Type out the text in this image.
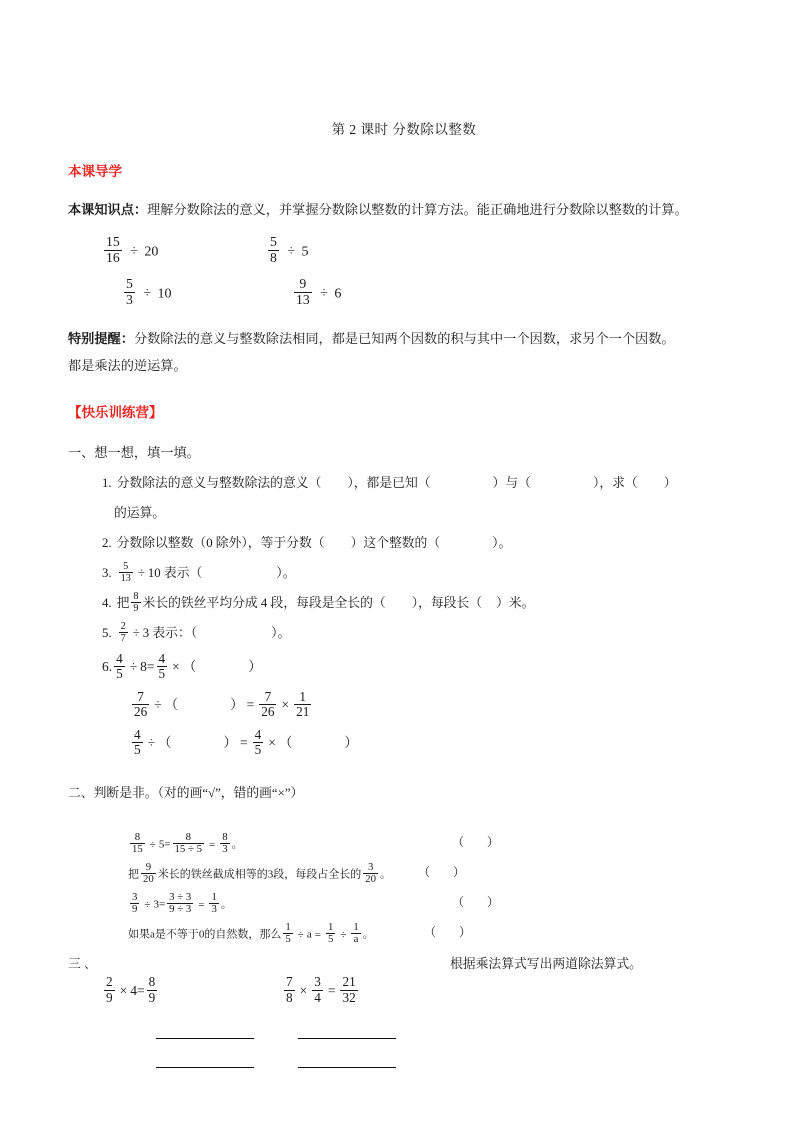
第 2 课时 分数除以整数
本课导学

本课知识点：理解分数除法的意义，并掌握分数除以整数的计算方法。能正确地进行分数除以整数的计算。

$\frac{15}{16} \div 20$	$\frac{5}{8} \div 5$
$\frac{5}{3} \div 10$	$\frac{9}{13} \div 6$

特别提醒：分数除法的意义与整数除法相同，都是已知两个因数的积与其中一个因数，求另个一个因数。

都是乘法的逆运算。

【快乐训练营】
一、想一想，填一填。
1. 分数除法的意义与整数除法的意义（ ），都是已知（	）与（	），求（ ）
的运算。
2. 分数除以整数（0 除外），等于分数（ ）这个整数的（	）。
3. $\frac{5}{13} \div 10$ 表示（	）。
4. 把 $\frac{8}{9}$ 米长的铁丝平均分成 4 段，每段是全长的（ ），每段长（ ）米。
5. $\frac{2}{7} \div 3$ 表示：（	）。
6. $\frac{4}{5} \div 8= \frac{4}{5}$ × （	）
$\frac{7}{26}$ ÷ （	） = $\frac{7}{26} \times \frac{1}{21}$
$\frac{4}{5}$ ÷ （	） = $\frac{4}{5}$ × （	）
二、判断是非。（对的画“√”，错的画“×”）
$\frac{8}{15} \div 5= \frac{8}{15 \div 5} = \frac{8}{3}$ 。	（ ）
把 $\frac{9}{20}$ 米长的铁丝截成相等的3段，每段占全长的 $\frac{3}{20}$ 。 （ ）
$\frac{3}{9} \div 3= \frac{3 \div 3}{9 \div 3} = \frac{1}{3}$ 。	（ ）
如果a是不等于0的自然数，那么 $\frac{1}{5} \div a = \frac{1}{5} \div \frac{1}{a}$ 。	（ ）
三 、	根据乘法算式写出两道除法算式。
$\frac{2}{9} \times 4= \frac{8}{9}$	$\frac{7}{8} \times \frac{3}{4} = \frac{21}{32}$
